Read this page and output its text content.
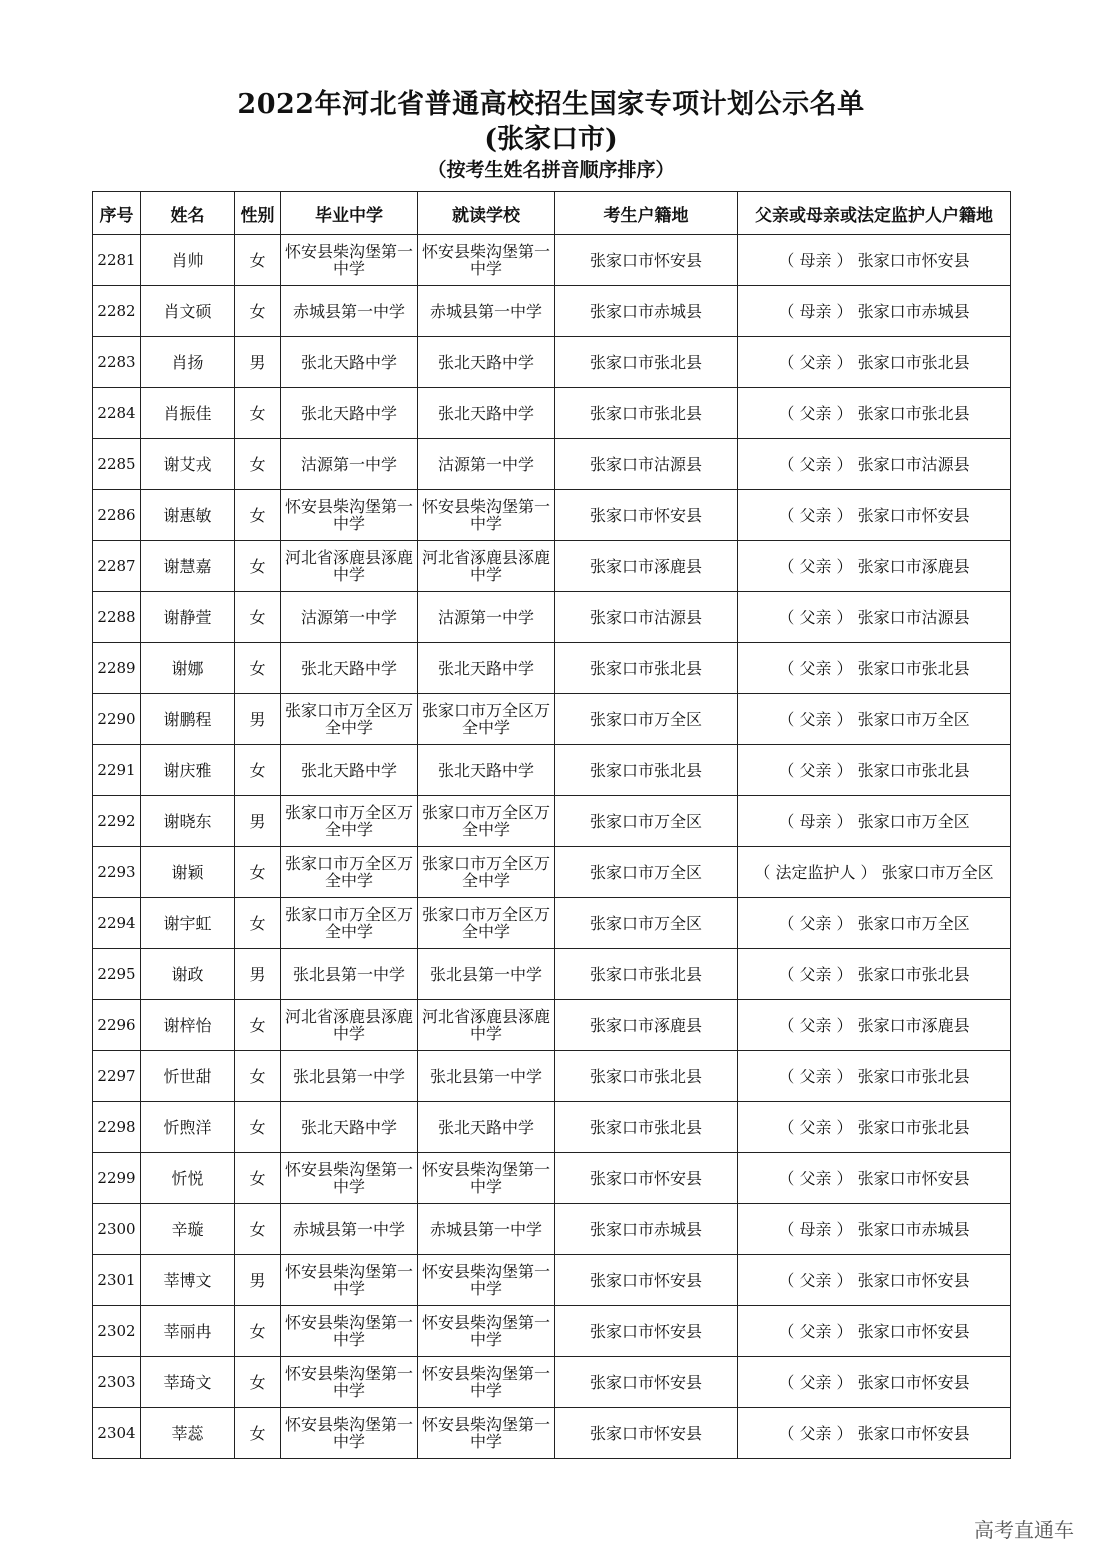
2022年河北省普通高校招生国家专项计划公示名单
(张家口市)
（按考生姓名拼音顺序排序）
序号	姓名	性别	毕业中学	就读学校	考生户籍地	父亲或母亲或法定监护人户籍地
2281	肖帅	女	怀安县柴沟堡第一中学	怀安县柴沟堡第一中学	张家口市怀安县	（ 母亲 ） 张家口市怀安县
2282	肖文硕	女	赤城县第一中学	赤城县第一中学	张家口市赤城县	（ 母亲 ） 张家口市赤城县
2283	肖扬	男	张北天路中学	张北天路中学	张家口市张北县	（ 父亲 ） 张家口市张北县
2284	肖振佳	女	张北天路中学	张北天路中学	张家口市张北县	（ 父亲 ） 张家口市张北县
2285	谢艾戎	女	沽源第一中学	沽源第一中学	张家口市沽源县	（ 父亲 ） 张家口市沽源县
2286	谢惠敏	女	怀安县柴沟堡第一中学	怀安县柴沟堡第一中学	张家口市怀安县	（ 父亲 ） 张家口市怀安县
2287	谢慧嘉	女	河北省涿鹿县涿鹿中学	河北省涿鹿县涿鹿中学	张家口市涿鹿县	（ 父亲 ） 张家口市涿鹿县
2288	谢静萱	女	沽源第一中学	沽源第一中学	张家口市沽源县	（ 父亲 ） 张家口市沽源县
2289	谢娜	女	张北天路中学	张北天路中学	张家口市张北县	（ 父亲 ） 张家口市张北县
2290	谢鹏程	男	张家口市万全区万全中学	张家口市万全区万全中学	张家口市万全区	（ 父亲 ） 张家口市万全区
2291	谢庆雅	女	张北天路中学	张北天路中学	张家口市张北县	（ 父亲 ） 张家口市张北县
2292	谢晓东	男	张家口市万全区万全中学	张家口市万全区万全中学	张家口市万全区	（ 母亲 ） 张家口市万全区
2293	谢颖	女	张家口市万全区万全中学	张家口市万全区万全中学	张家口市万全区	（ 法定监护人 ） 张家口市万全区
2294	谢宇虹	女	张家口市万全区万全中学	张家口市万全区万全中学	张家口市万全区	（ 父亲 ） 张家口市万全区
2295	谢政	男	张北县第一中学	张北县第一中学	张家口市张北县	（ 父亲 ） 张家口市张北县
2296	谢梓怡	女	河北省涿鹿县涿鹿中学	河北省涿鹿县涿鹿中学	张家口市涿鹿县	（ 父亲 ） 张家口市涿鹿县
2297	忻世甜	女	张北县第一中学	张北县第一中学	张家口市张北县	（ 父亲 ） 张家口市张北县
2298	忻煦洋	女	张北天路中学	张北天路中学	张家口市张北县	（ 父亲 ） 张家口市张北县
2299	忻悦	女	怀安县柴沟堡第一中学	怀安县柴沟堡第一中学	张家口市怀安县	（ 父亲 ） 张家口市怀安县
2300	辛璇	女	赤城县第一中学	赤城县第一中学	张家口市赤城县	（ 母亲 ） 张家口市赤城县
2301	莘博文	男	怀安县柴沟堡第一中学	怀安县柴沟堡第一中学	张家口市怀安县	（ 父亲 ） 张家口市怀安县
2302	莘丽冉	女	怀安县柴沟堡第一中学	怀安县柴沟堡第一中学	张家口市怀安县	（ 父亲 ） 张家口市怀安县
2303	莘琦文	女	怀安县柴沟堡第一中学	怀安县柴沟堡第一中学	张家口市怀安县	（ 父亲 ） 张家口市怀安县
2304	莘蕊	女	怀安县柴沟堡第一中学	怀安县柴沟堡第一中学	张家口市怀安县	（ 父亲 ） 张家口市怀安县
高考直通车
